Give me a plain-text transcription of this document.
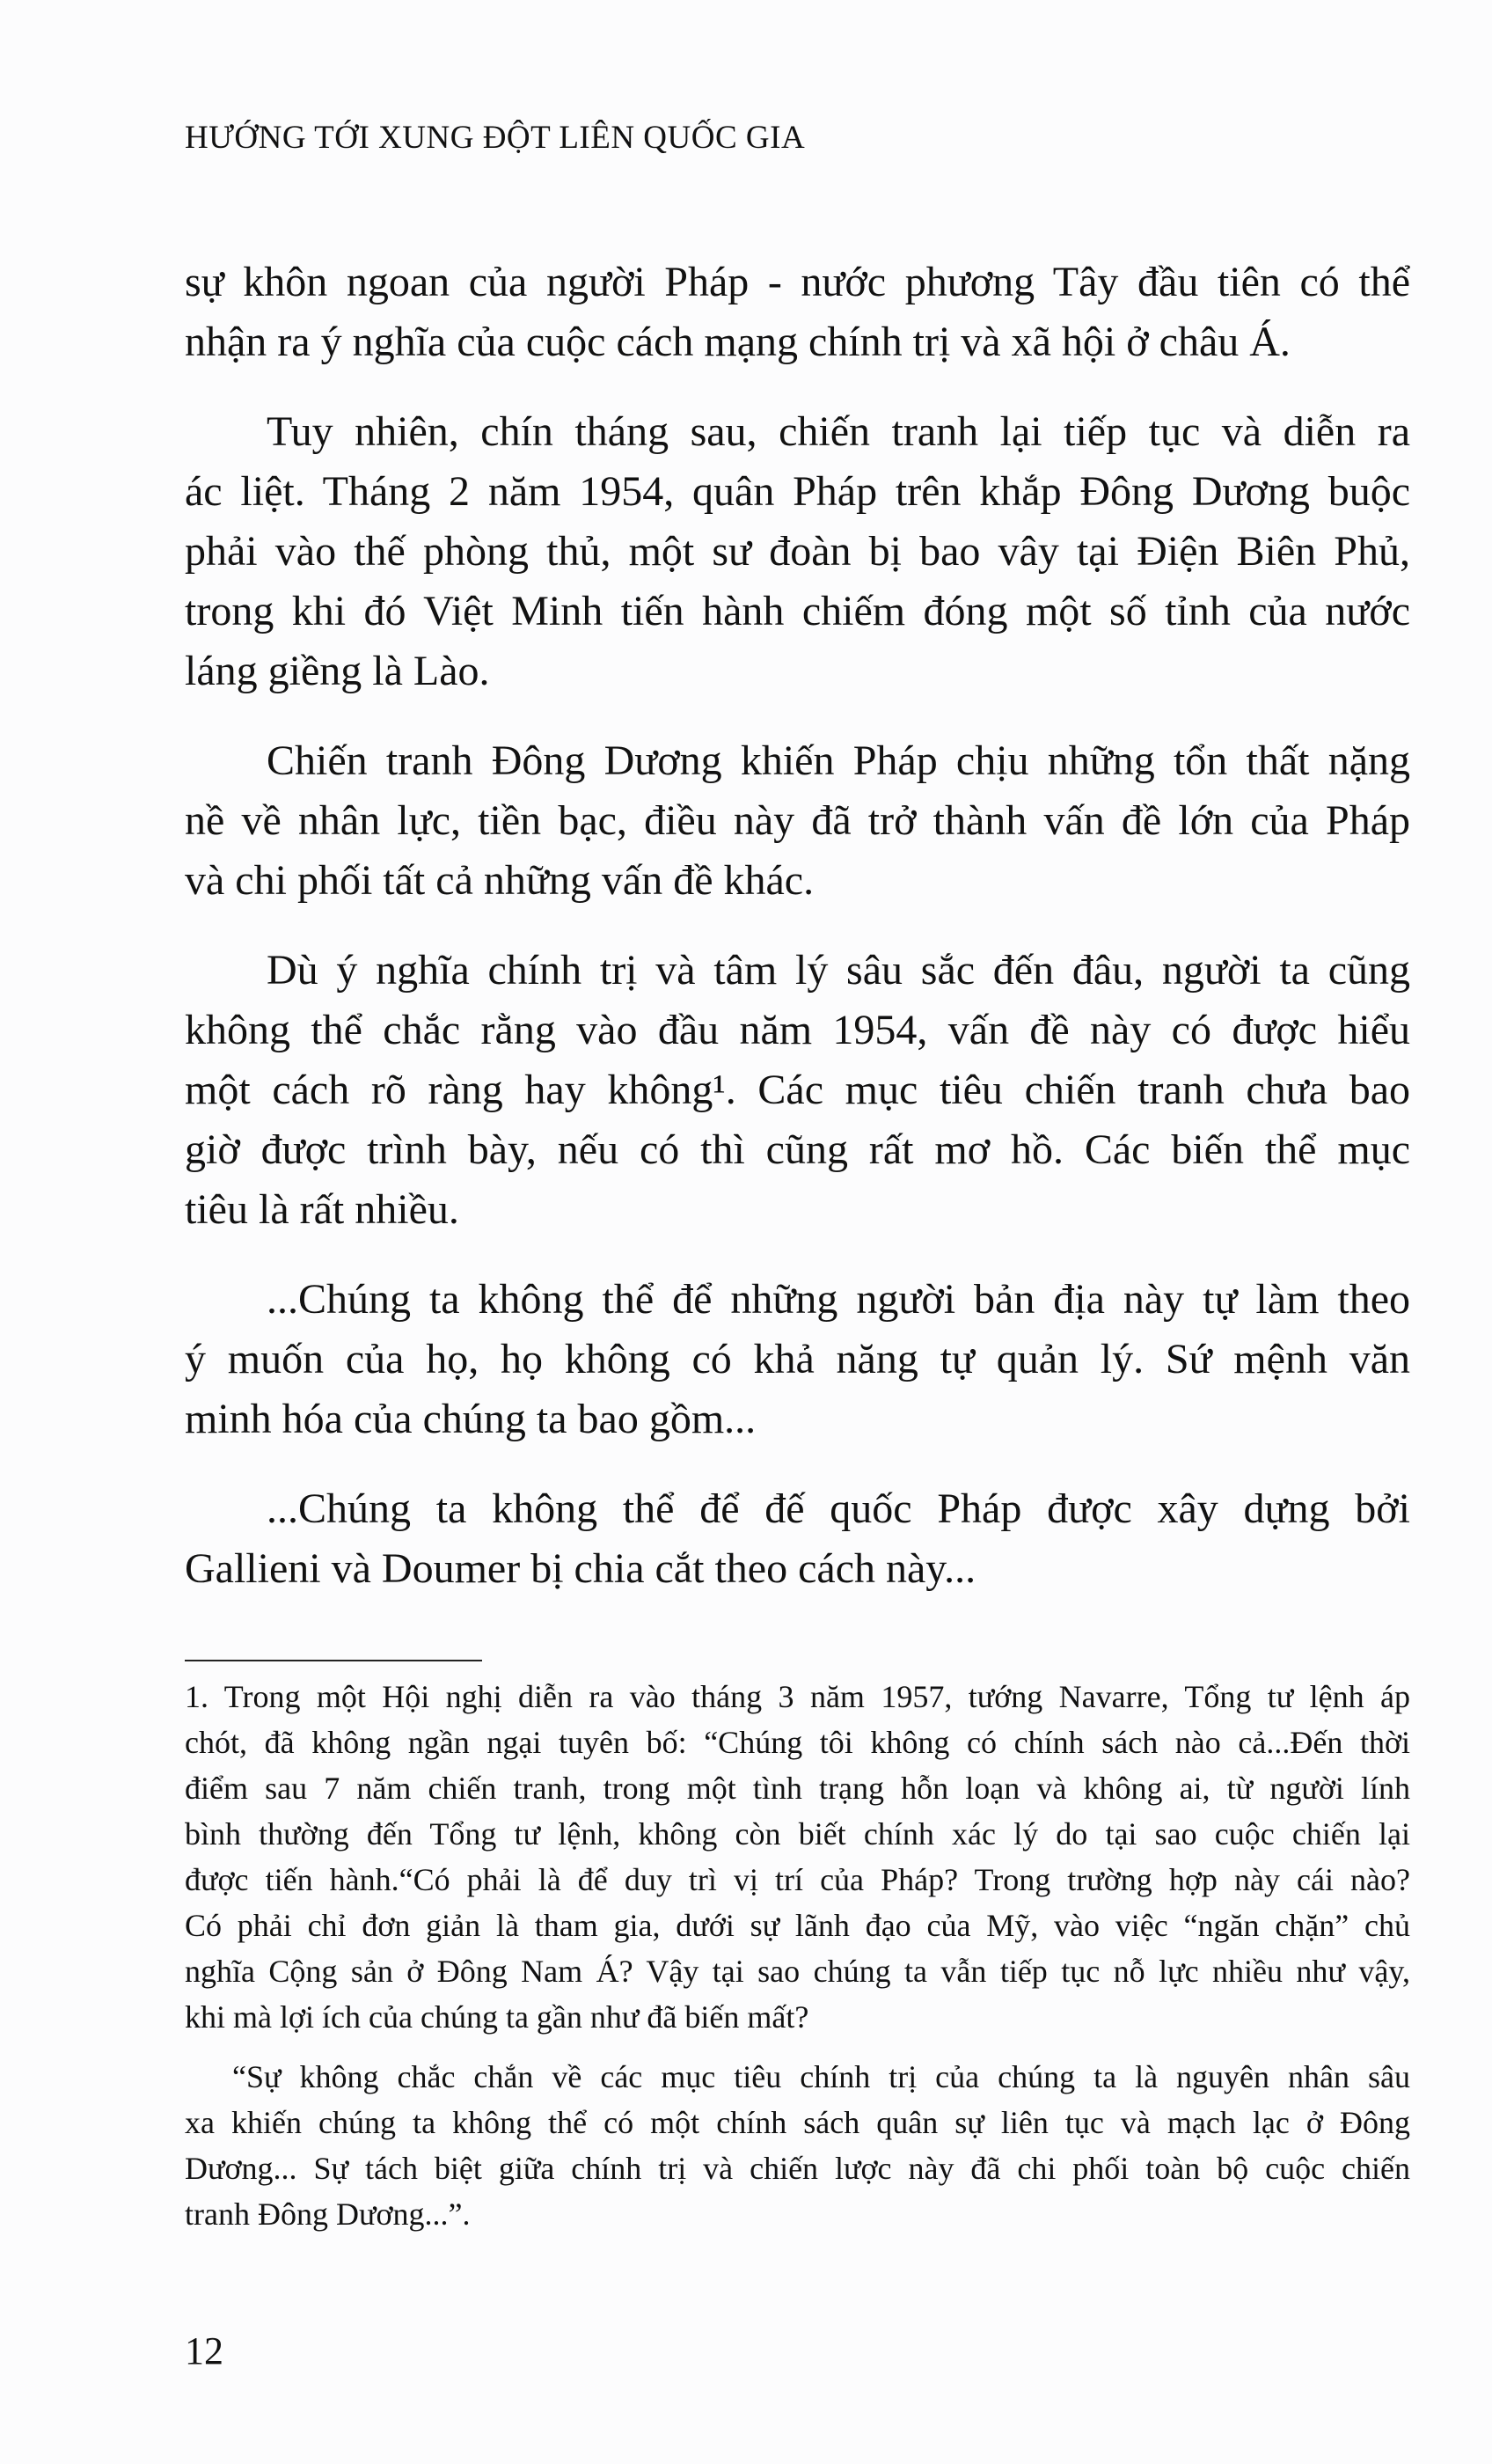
HƯỚNG TỚI XUNG ĐỘT LIÊN QUỐC GIA
sự khôn ngoan của người Pháp - nước phương Tây đầu tiên có thể
nhận ra ý nghĩa của cuộc cách mạng chính trị và xã hội ở châu Á.
Tuy nhiên, chín tháng sau, chiến tranh lại tiếp tục và diễn ra
ác liệt. Tháng 2 năm 1954, quân Pháp trên khắp Đông Dương buộc
phải vào thế phòng thủ, một sư đoàn bị bao vây tại Điện Biên Phủ,
trong khi đó Việt Minh tiến hành chiếm đóng một số tỉnh của nước
láng giềng là Lào.
Chiến tranh Đông Dương khiến Pháp chịu những tổn thất nặng
nề về nhân lực, tiền bạc, điều này đã trở thành vấn đề lớn của Pháp
và chi phối tất cả những vấn đề khác.
Dù ý nghĩa chính trị và tâm lý sâu sắc đến đâu, người ta cũng
không thể chắc rằng vào đầu năm 1954, vấn đề này có được hiểu
một cách rõ ràng hay không¹. Các mục tiêu chiến tranh chưa bao
giờ được trình bày, nếu có thì cũng rất mơ hồ. Các biến thể mục
tiêu là rất nhiều.
...Chúng ta không thể để những người bản địa này tự làm theo
ý muốn của họ, họ không có khả năng tự quản lý. Sứ mệnh văn
minh hóa của chúng ta bao gồm...
...Chúng ta không thể để đế quốc Pháp được xây dựng bởi
Gallieni và Doumer bị chia cắt theo cách này...
1. Trong một Hội nghị diễn ra vào tháng 3 năm 1957, tướng Navarre, Tổng tư lệnh áp
chót, đã không ngần ngại tuyên bố: “Chúng tôi không có chính sách nào cả...Đến thời
điểm sau 7 năm chiến tranh, trong một tình trạng hỗn loạn và không ai, từ người lính
bình thường đến Tổng tư lệnh, không còn biết chính xác lý do tại sao cuộc chiến lại
được tiến hành.“Có phải là để duy trì vị trí của Pháp? Trong trường hợp này cái nào?
Có phải chỉ đơn giản là tham gia, dưới sự lãnh đạo của Mỹ, vào việc “ngăn chặn” chủ
nghĩa Cộng sản ở Đông Nam Á? Vậy tại sao chúng ta vẫn tiếp tục nỗ lực nhiều như vậy,
khi mà lợi ích của chúng ta gần như đã biến mất?
“Sự không chắc chắn về các mục tiêu chính trị của chúng ta là nguyên nhân sâu
xa khiến chúng ta không thể có một chính sách quân sự liên tục và mạch lạc ở Đông
Dương... Sự tách biệt giữa chính trị và chiến lược này đã chi phối toàn bộ cuộc chiến
tranh Đông Dương...”.
12
